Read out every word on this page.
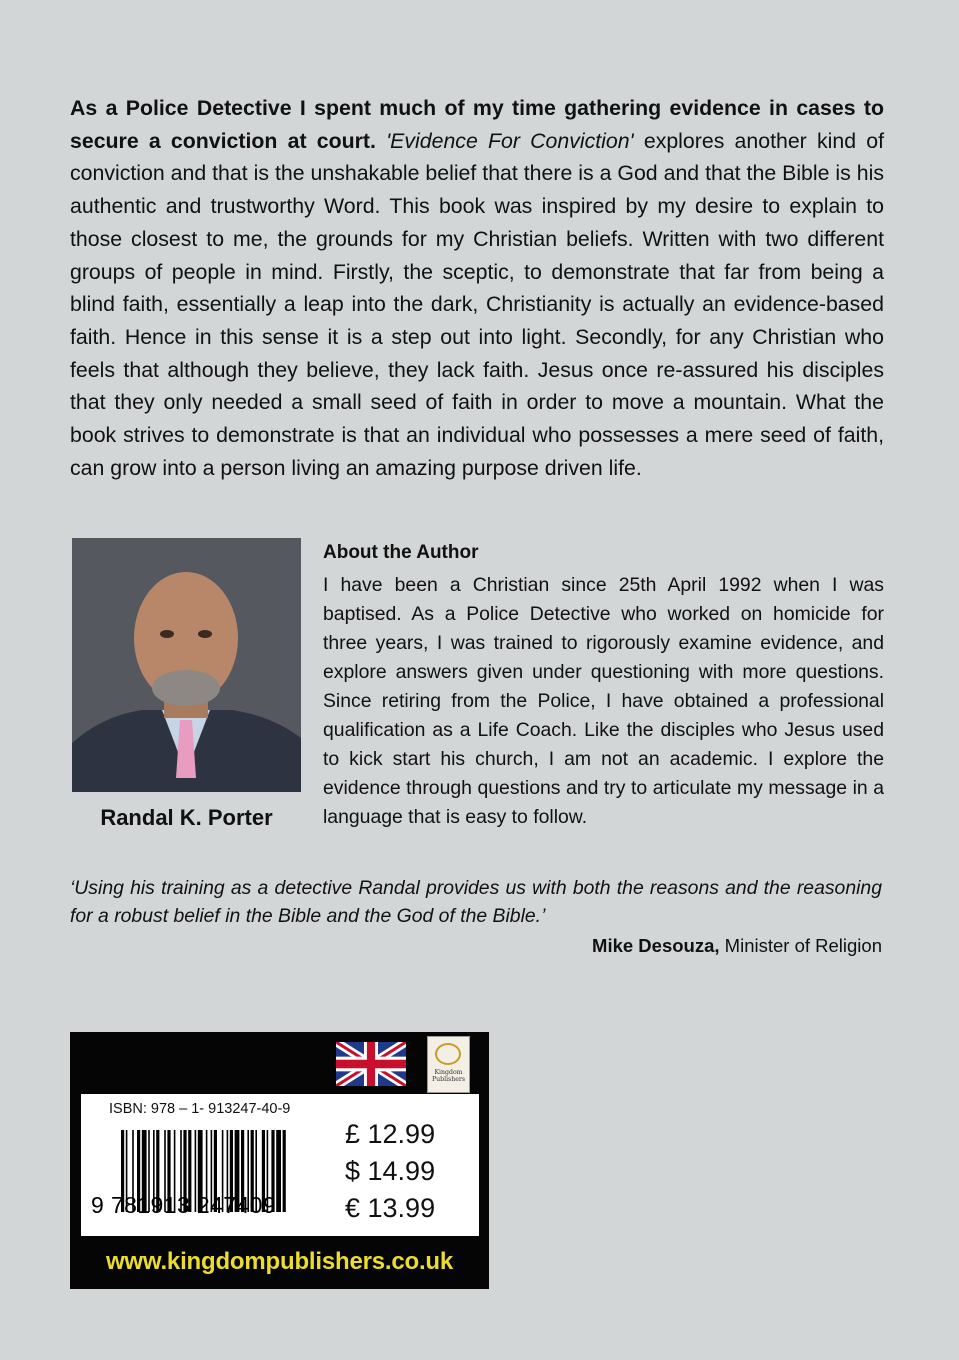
As a Police Detective I spent much of my time gathering evidence in cases to secure a conviction at court. 'Evidence For Conviction' explores another kind of conviction and that is the unshakable belief that there is a God and that the Bible is his authentic and trustworthy Word. This book was inspired by my desire to explain to those closest to me, the grounds for my Christian beliefs. Written with two different groups of people in mind. Firstly, the sceptic, to demonstrate that far from being a blind faith, essentially a leap into the dark, Christianity is actually an evidence-based faith. Hence in this sense it is a step out into light. Secondly, for any Christian who feels that although they believe, they lack faith. Jesus once re-assured his disciples that they only needed a small seed of faith in order to move a mountain. What the book strives to demonstrate is that an individual who possesses a mere seed of faith, can grow into a person living an amazing purpose driven life.

Randal K. Porter
About the Author

I have been a Christian since 25th April 1992 when I was baptised. As a Police Detective who worked on homicide for three years, I was trained to rigorously examine evidence, and explore answers given under questioning with more questions. Since retiring from the Police, I have obtained a professional qualification as a Life Coach. Like the disciples who Jesus used to kick start his church, I am not an academic. I explore the evidence through questions and try to articulate my message in a language that is easy to follow.

‘Using his training as a detective Randal provides us with both the reasons and the reasoning for a robust belief in the Bible and the God of the Bible.’

Mike Desouza, Minister of Religion
Kingdom Publishers
ISBN: 978 – 1- 913247-40-9
9 781913 247409
£ 12.99
$ 14.99
€ 13.99
www.kingdompublishers.co.uk
